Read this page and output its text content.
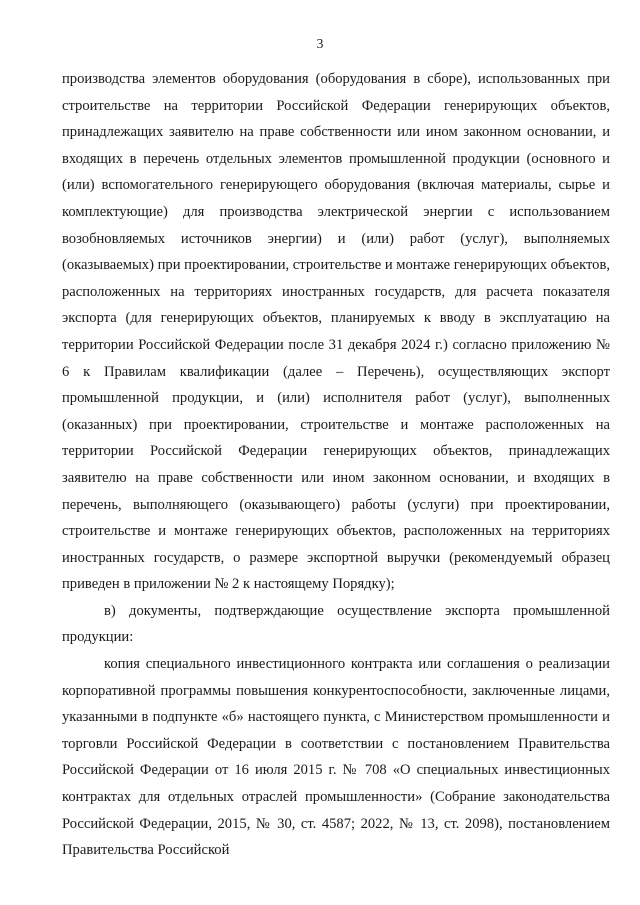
3

производства элементов оборудования (оборудования в сборе), использованных при строительстве на территории Российской Федерации генерирующих объектов, принадлежащих заявителю на праве собственности или ином законном основании, и входящих в перечень отдельных элементов промышленной продукции (основного и (или) вспомогательного генерирующего оборудования (включая материалы, сырье и комплектующие) для производства электрической энергии с использованием возобновляемых источников энергии) и (или) работ (услуг), выполняемых (оказываемых) при проектировании, строительстве и монтаже генерирующих объектов, расположенных на территориях иностранных государств, для расчета показателя экспорта (для генерирующих объектов, планируемых к вводу в эксплуатацию на территории Российской Федерации после 31 декабря 2024 г.) согласно приложению № 6 к Правилам квалификации (далее – Перечень), осуществляющих экспорт промышленной продукции, и (или) исполнителя работ (услуг), выполненных (оказанных) при проектировании, строительстве и монтаже расположенных на территории Российской Федерации генерирующих объектов, принадлежащих заявителю на праве собственности или ином законном основании, и входящих в перечень, выполняющего (оказывающего) работы (услуги) при проектировании, строительстве и монтаже генерирующих объектов, расположенных на территориях иностранных государств, о размере экспортной выручки (рекомендуемый образец приведен в приложении № 2 к настоящему Порядку);

в) документы, подтверждающие осуществление экспорта промышленной продукции:

копия специального инвестиционного контракта или соглашения о реализации корпоративной программы повышения конкурентоспособности, заключенные лицами, указанными в подпункте «б» настоящего пункта, с Министерством промышленности и торговли Российской Федерации в соответствии с постановлением Правительства Российской Федерации от 16 июля 2015 г. № 708 «О специальных инвестиционных контрактах для отдельных отраслей промышленности» (Собрание законодательства Российской Федерации, 2015, № 30, ст. 4587; 2022, № 13, ст. 2098), постановлением Правительства Российской
